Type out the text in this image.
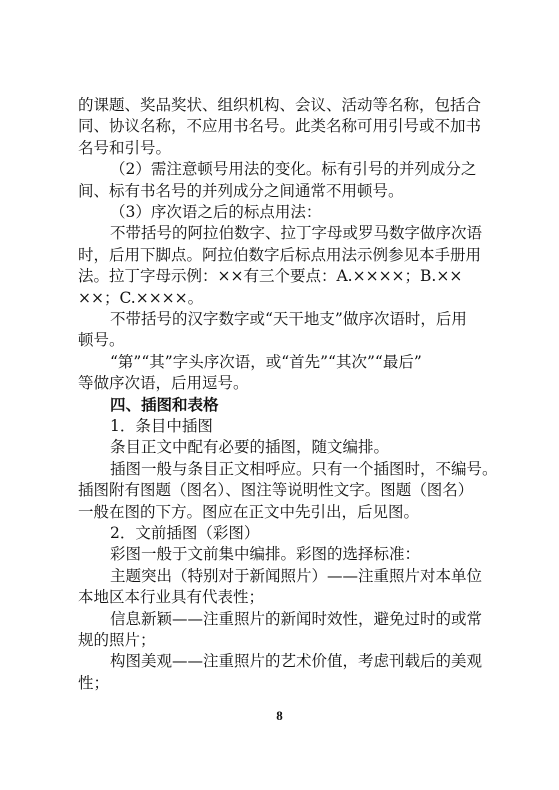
的课题、奖品奖状、组织机构、会议、活动等名称，包括合
同、协议名称，不应用书名号。此类名称可用引号或不加书
名号和引号。
（2）需注意顿号用法的变化。标有引号的并列成分之
间、标有书名号的并列成分之间通常不用顿号。
（3）序次语之后的标点用法：
不带括号的阿拉伯数字、拉丁字母或罗马数字做序次语
时，后用下脚点。阿拉伯数字后标点用法示例参见本手册用
法。拉丁字母示例：××有三个要点：A.××××；B.××
××；C.××××。
不带括号的汉字数字或“天干地支”做序次语时，后用
顿号。
“第”“其”字头序次语，或“首先”“其次”“最后”
等做序次语，后用逗号。
四、插图和表格
1．条目中插图
条目正文中配有必要的插图，随文编排。
插图一般与条目正文相呼应。只有一个插图时，不编号。
插图附有图题（图名）、图注等说明性文字。图题（图名）
一般在图的下方。图应在正文中先引出，后见图。
2．文前插图（彩图）
彩图一般于文前集中编排。彩图的选择标准：
主题突出（特别对于新闻照片）——注重照片对本单位
本地区本行业具有代表性；
信息新颖——注重照片的新闻时效性，避免过时的或常
规的照片；
构图美观——注重照片的艺术价值，考虑刊载后的美观
性；
8
